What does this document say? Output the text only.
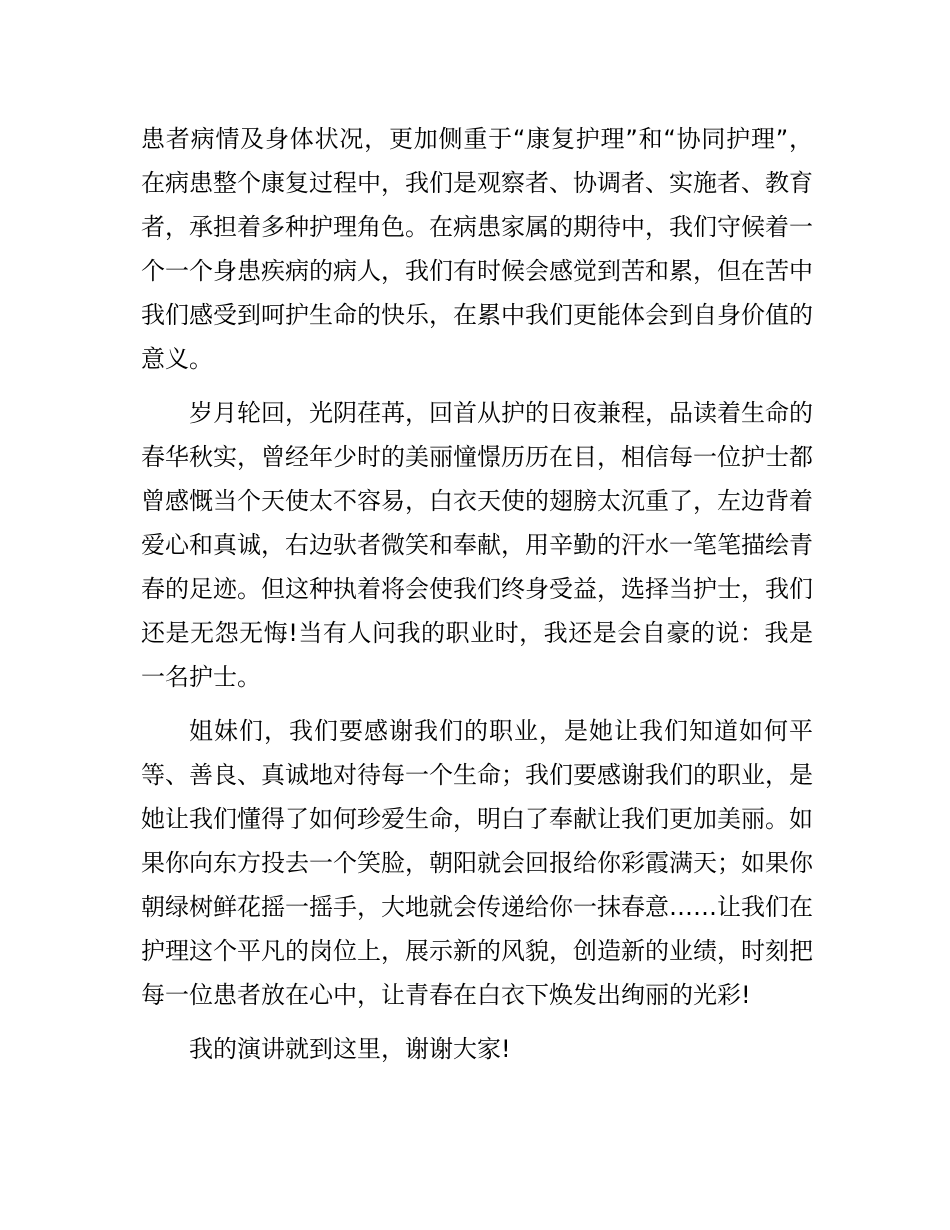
患者病情及身体状况，更加侧重于“康复护理”和“协同护理”，在病患整个康复过程中，我们是观察者、协调者、实施者、教育者，承担着多种护理角色。在病患家属的期待中，我们守候着一个一个身患疾病的病人，我们有时候会感觉到苦和累，但在苦中我们感受到呵护生命的快乐，在累中我们更能体会到自身价值的意义。

岁月轮回，光阴荏苒，回首从护的日夜兼程，品读着生命的春华秋实，曾经年少时的美丽憧憬历历在目，相信每一位护士都曾感慨当个天使太不容易，白衣天使的翅膀太沉重了，左边背着爱心和真诚，右边驮者微笑和奉献，用辛勤的汗水一笔笔描绘青春的足迹。但这种执着将会使我们终身受益，选择当护士，我们还是无怨无悔!当有人问我的职业时，我还是会自豪的说：我是一名护士。

姐妹们，我们要感谢我们的职业，是她让我们知道如何平等、善良、真诚地对待每一个生命；我们要感谢我们的职业，是她让我们懂得了如何珍爱生命，明白了奉献让我们更加美丽。如果你向东方投去一个笑脸，朝阳就会回报给你彩霞满天；如果你朝绿树鲜花摇一摇手，大地就会传递给你一抹春意……让我们在护理这个平凡的岗位上，展示新的风貌，创造新的业绩，时刻把每一位患者放在心中，让青春在白衣下焕发出绚丽的光彩!

我的演讲就到这里，谢谢大家!
